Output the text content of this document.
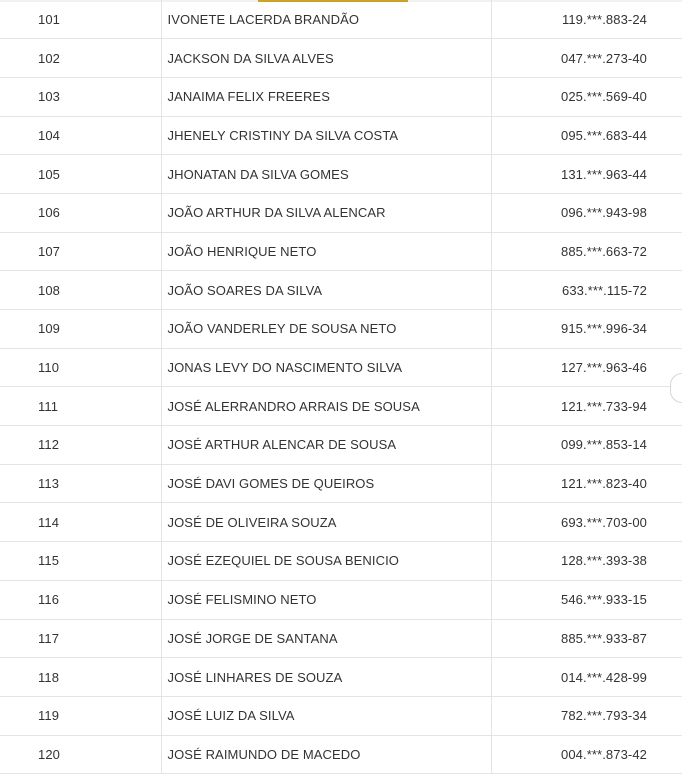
101	IVONETE LACERDA BRANDÃO	119.***.883-24
102	JACKSON DA SILVA ALVES	047.***.273-40
103	JANAIMA FELIX FREERES	025.***.569-40
104	JHENELY CRISTINY DA SILVA COSTA	095.***.683-44
105	JHONATAN DA SILVA GOMES	131.***.963-44
106	JOÃO ARTHUR DA SILVA ALENCAR	096.***.943-98
107	JOÃO HENRIQUE NETO	885.***.663-72
108	JOÃO SOARES DA SILVA	633.***.115-72
109	JOÃO VANDERLEY DE SOUSA NETO	915.***.996-34
110	JONAS LEVY DO NASCIMENTO SILVA	127.***.963-46
111	JOSÉ ALERRANDRO ARRAIS DE SOUSA	121.***.733-94
112	JOSÉ ARTHUR ALENCAR DE SOUSA	099.***.853-14
113	JOSÉ DAVI GOMES DE QUEIROS	121.***.823-40
114	JOSÉ DE OLIVEIRA SOUZA	693.***.703-00
115	JOSÉ EZEQUIEL DE SOUSA BENICIO	128.***.393-38
116	JOSÉ FELISMINO NETO	546.***.933-15
117	JOSÉ JORGE DE SANTANA	885.***.933-87
118	JOSÉ LINHARES DE SOUZA	014.***.428-99
119	JOSÉ LUIZ DA SILVA	782.***.793-34
120	JOSÉ RAIMUNDO DE MACEDO	004.***.873-42
